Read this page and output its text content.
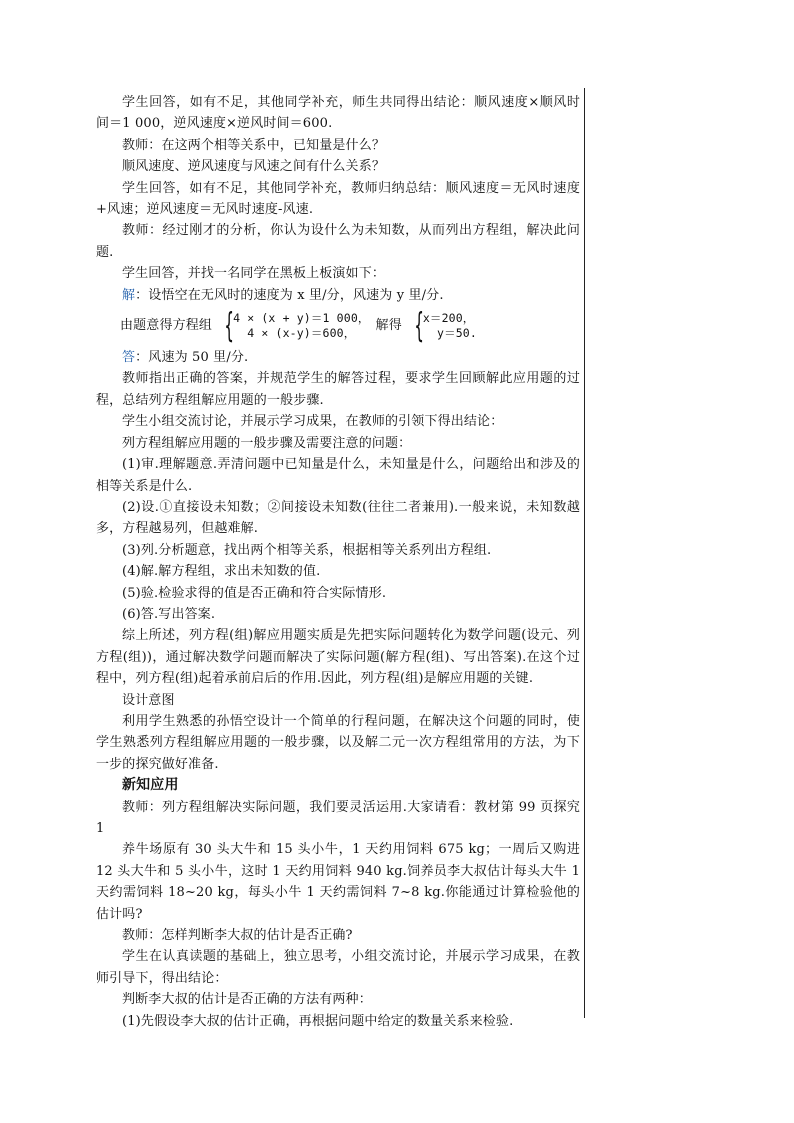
学生回答，如有不足，其他同学补充，师生共同得出结论：顺风速度×顺风时间＝1 000，逆风速度×逆风时间＝600.

教师：在这两个相等关系中，已知量是什么？

顺风速度、逆风速度与风速之间有什么关系？

学生回答，如有不足，其他同学补充，教师归纳总结：顺风速度＝无风时速度+风速；逆风速度＝无风时速度-风速.

教师：经过刚才的分析，你认为设什么为未知数，从而列出方程组，解决此问题.

学生回答，并找一名同学在黑板上板演如下：

解：设悟空在无风时的速度为 x 里/分，风速为 y 里/分.

由题意得方程组 {
4 × (x + y)＝1 000，
4 × (x-y)＝600，	解得 {
x＝200，
y＝50.

答：风速为 50 里/分.

教师指出正确的答案，并规范学生的解答过程，要求学生回顾解此应用题的过程，总结列方程组解应用题的一般步骤.

学生小组交流讨论，并展示学习成果，在教师的引领下得出结论：

列方程组解应用题的一般步骤及需要注意的问题：

(1)审.理解题意.弄清问题中已知量是什么，未知量是什么，问题给出和涉及的相等关系是什么.

(2)设.①直接设未知数；②间接设未知数(往往二者兼用).一般来说，未知数越多，方程越易列，但越难解.

(3)列.分析题意，找出两个相等关系，根据相等关系列出方程组.

(4)解.解方程组，求出未知数的值.

(5)验.检验求得的值是否正确和符合实际情形.

(6)答.写出答案.

综上所述，列方程(组)解应用题实质是先把实际问题转化为数学问题(设元、列方程(组))，通过解决数学问题而解决了实际问题(解方程(组)、写出答案).在这个过程中，列方程(组)起着承前启后的作用.因此，列方程(组)是解应用题的关键.

设计意图

利用学生熟悉的孙悟空设计一个简单的行程问题，在解决这个问题的同时，使学生熟悉列方程组解应用题的一般步骤，以及解二元一次方程组常用的方法，为下一步的探究做好准备.

新知应用

教师：列方程组解决实际问题，我们要灵活运用.大家请看：教材第 99 页探究 1

养牛场原有 30 头大牛和 15 头小牛，1 天约用饲料 675 kg；一周后又购进 12 头大牛和 5 头小牛，这时 1 天约用饲料 940 kg.饲养员李大叔估计每头大牛 1 天约需饲料 18~20 kg，每头小牛 1 天约需饲料 7~8 kg.你能通过计算检验他的估计吗?

教师：怎样判断李大叔的估计是否正确?

学生在认真读题的基础上，独立思考，小组交流讨论，并展示学习成果，在教师引导下，得出结论：

判断李大叔的估计是否正确的方法有两种：

(1)先假设李大叔的估计正确，再根据问题中给定的数量关系来检验.
